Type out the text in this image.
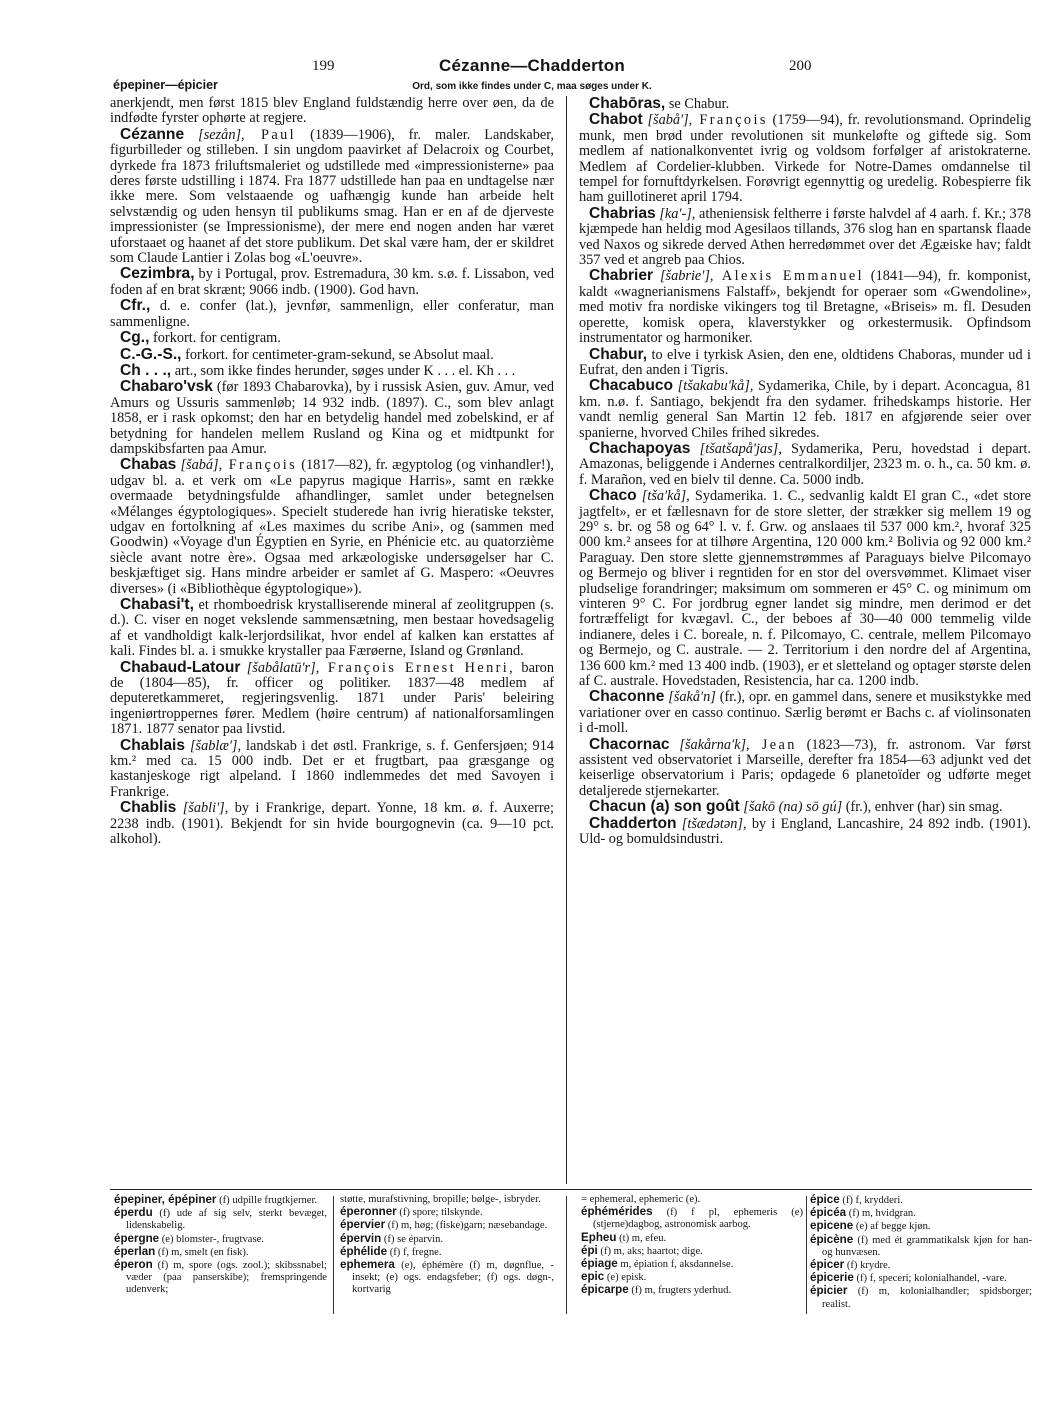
199	Cézanne—Chadderton	200
épepiner—épicier	Ord, som ikke findes under C, maa søges under K.

anerkjendt, men først 1815 blev England fuldstændig herre over øen, da de indfødte fyrster ophørte at regjere.

Cézanne [sezån], Paul (1839—1906), fr. maler. Landskaber, figurbilleder og stilleben. I sin ungdom paavirket af Delacroix og Courbet, dyrkede fra 1873 friluftsmaleriet og udstillede med «impressionisterne» paa deres første udstilling i 1874. Fra 1877 udstillede han paa en undtagelse nær ikke mere. Som velstaaende og uafhængig kunde han arbeide helt selvstændig og uden hensyn til publikums smag. Han er en af de djerveste impressionister (se Impressionisme), der mere end nogen anden har været uforstaaet og haanet af det store publikum. Det skal være ham, der er skildret som Claude Lantier i Zolas bog «L'oeuvre».

Cezimbra, by i Portugal, prov. Estremadura, 30 km. s.ø. f. Lissabon, ved foden af en brat skrænt; 9066 indb. (1900). God havn.

Cfr., d. e. confer (lat.), jevnfør, sammenlign, eller conferatur, man sammenligne.

Cg., forkort. for centigram.

C.-G.-S., forkort. for centimeter-gram-sekund, se Absolut maal.

Ch . . ., art., som ikke findes herunder, søges under K . . . el. Kh . . .

Chabaro'vsk (før 1893 Chabarovka), by i russisk Asien, guv. Amur, ved Amurs og Ussuris sammenløb; 14 932 indb. (1897). C., som blev anlagt 1858, er i rask opkomst; den har en betydelig handel med zobelskind, er af betydning for handelen mellem Rusland og Kina og et midtpunkt for dampskibsfarten paa Amur.

Chabas [šabá], François (1817—82), fr. ægyptolog (og vinhandler!), udgav bl. a. et verk om «Le papyrus magique Harris», samt en række overmaade betydningsfulde afhandlinger, samlet under betegnelsen «Mélanges égyptologiques». Specielt studerede han ivrig hieratiske tekster, udgav en fortolkning af «Les maximes du scribe Ani», og (sammen med Goodwin) «Voyage d'un Égyptien en Syrie, en Phénicie etc. au quatorzième siècle avant notre ère». Ogsaa med arkæologiske undersøgelser har C. beskjæftiget sig. Hans mindre arbeider er samlet af G. Maspero: «Oeuvres diverses» (i «Bibliothèque égyptologique»).

Chabasi't, et rhomboedrisk krystalliserende mineral af zeolitgruppen (s. d.). C. viser en noget vekslende sammensætning, men bestaar hovedsagelig af et vandholdigt kalk-lerjordsilikat, hvor endel af kalken kan erstattes af kali. Findes bl. a. i smukke krystaller paa Færøerne, Island og Grønland.

Chabaud-Latour [šabålatū'r], François Ernest Henri, baron de (1804—85), fr. officer og politiker. 1837—48 medlem af deputeretkammeret, regjeringsvenlig. 1871 under Paris' beleiring ingeniørtroppernes fører. Medlem (høire centrum) af nationalforsamlingen 1871. 1877 senator paa livstid.

Chablais [šablæ'], landskab i det østl. Frankrige, s. f. Genfersjøen; 914 km.² med ca. 15 000 indb. Det er et frugtbart, paa græsgange og kastanjeskoge rigt alpeland. I 1860 indlemmedes det med Savoyen i Frankrige.

Chablis [šabli'], by i Frankrige, depart. Yonne, 18 km. ø. f. Auxerre; 2238 indb. (1901). Bekjendt for sin hvide bourgognevin (ca. 9—10 pct. alkohol).

Chabōras, se Chabur.

Chabot [šabå'], François (1759—94), fr. revolutionsmand. Oprindelig munk, men brød under revolutionen sit munkeløfte og giftede sig. Som medlem af nationalkonventet ivrig og voldsom forfølger af aristokraterne. Medlem af Cordelier-klubben. Virkede for Notre-Dames omdannelse til tempel for fornuftdyrkelsen. Forøvrigt egennyttig og uredelig. Robespierre fik ham guillotineret april 1794.

Chabrias [ka'-], atheniensisk feltherre i første halvdel af 4 aarh. f. Kr.; 378 kjæmpede han heldig mod Agesilaos tillands, 376 slog han en spartansk flaade ved Naxos og sikrede derved Athen herredømmet over det Ægæiske hav; faldt 357 ved et angreb paa Chios.

Chabrier [šabrie'], Alexis Emmanuel (1841—94), fr. komponist, kaldt «wagnerianismens Falstaff», bekjendt for operaer som «Gwendoline», med motiv fra nordiske vikingers tog til Bretagne, «Briseis» m. fl. Desuden operette, komisk opera, klaverstykker og orkestermusik. Opfindsom instrumentator og harmoniker.

Chabur, to elve i tyrkisk Asien, den ene, oldtidens Chaboras, munder ud i Eufrat, den anden i Tigris.

Chacabuco [tšakabu'kå], Sydamerika, Chile, by i depart. Aconcagua, 81 km. n.ø. f. Santiago, bekjendt fra den sydamer. frihedskamps historie. Her vandt nemlig general San Martin 12 feb. 1817 en afgjørende seier over spanierne, hvorved Chiles frihed sikredes.

Chachapoyas [tšatšapå'jas], Sydamerika, Peru, hovedstad i depart. Amazonas, beliggende i Andernes centralkordiljer, 2323 m. o. h., ca. 50 km. ø. f. Marañon, ved en bielv til denne. Ca. 5000 indb.

Chaco [tša'kå], Sydamerika. 1. C., sedvanlig kaldt El gran C., «det store jagtfelt», er et fællesnavn for de store sletter, der strækker sig mellem 19 og 29° s. br. og 58 og 64° l. v. f. Grw. og anslaaes til 537 000 km.², hvoraf 325 000 km.² ansees for at tilhøre Argentina, 120 000 km.² Bolivia og 92 000 km.² Paraguay. Den store slette gjennemstrømmes af Paraguays bielve Pilcomayo og Bermejo og bliver i regntiden for en stor del oversvømmet. Klimaet viser pludselige forandringer; maksimum om sommeren er 45° C. og minimum om vinteren 9° C. For jordbrug egner landet sig mindre, men derimod er det fortræffeligt for kvægavl. C., der beboes af 30—40 000 temmelig vilde indianere, deles i C. boreale, n. f. Pilcomayo, C. centrale, mellem Pilcomayo og Bermejo, og C. australe. — 2. Territorium i den nordre del af Argentina, 136 600 km.² med 13 400 indb. (1903), er et sletteland og optager største delen af C. australe. Hovedstaden, Resistencia, har ca. 1200 indb.

Chaconne [šakå'n] (fr.), opr. en gammel dans, senere et musikstykke med variationer over en casso continuo. Særlig berømt er Bachs c. af violinsonaten i d-moll.

Chacornac [šakårna'k], Jean (1823—73), fr. astronom. Var først assistent ved observatoriet i Marseille, derefter fra 1854—63 adjunkt ved det keiserlige observatorium i Paris; opdagede 6 planetoïder og udførte meget detaljerede stjernekarter.

Chacun (a) son goût [šakō (na) sō gú] (fr.), enhver (har) sin smag.

Chadderton [tšædətən], by i England, Lancashire, 24 892 indb. (1901). Uld- og bomuldsindustri.

épepiner, épépiner (f) udpille frugtkjerner.

éperdu (f) ude af sig selv, sterkt bevæget, lidenskabelig.

épergne (e) blomster-, frugtvase.

éperlan (f) m, smelt (en fisk).

éperon (f) m, spore (ogs. zool.); skibssnabel; væder (paa panserskibe); fremspringende udenverk;

støtte, murafstivning, bropille; bølge-, isbryder.

éperonner (f) spore; tilskynde.

épervier (f) m, høg; (fiske)garn; næsebandage.

épervin (f) se éparvin.

éphélide (f) f, fregne.

ephemera (e), éphémère (f) m, døgnflue, -insekt; (e) ogs. endagsfeber; (f) ogs. døgn-, kortvarig

= ephemeral, ephemeric (e).

éphémérides (f) f pl, ephemeris (e) (stjerne)dagbog, astronomisk aarbog.

Epheu (t) m, efeu.

épi (f) m, aks; haartot; dige.

épiage m, épiation f, aksdannelse.

epic (e) episk.

épicarpe (f) m, frugters yderhud.

épice (f) f, krydderi.

épicéa (f) m, hvidgran.

epicene (e) af begge kjøn.

épicène (f) med ét grammatikalsk kjøn for han- og hunvæsen.

épicer (f) krydre.

épicerie (f) f, speceri; kolonialhandel, -vare.

épicier (f) m, kolonialhandler; spidsborger; realist.
